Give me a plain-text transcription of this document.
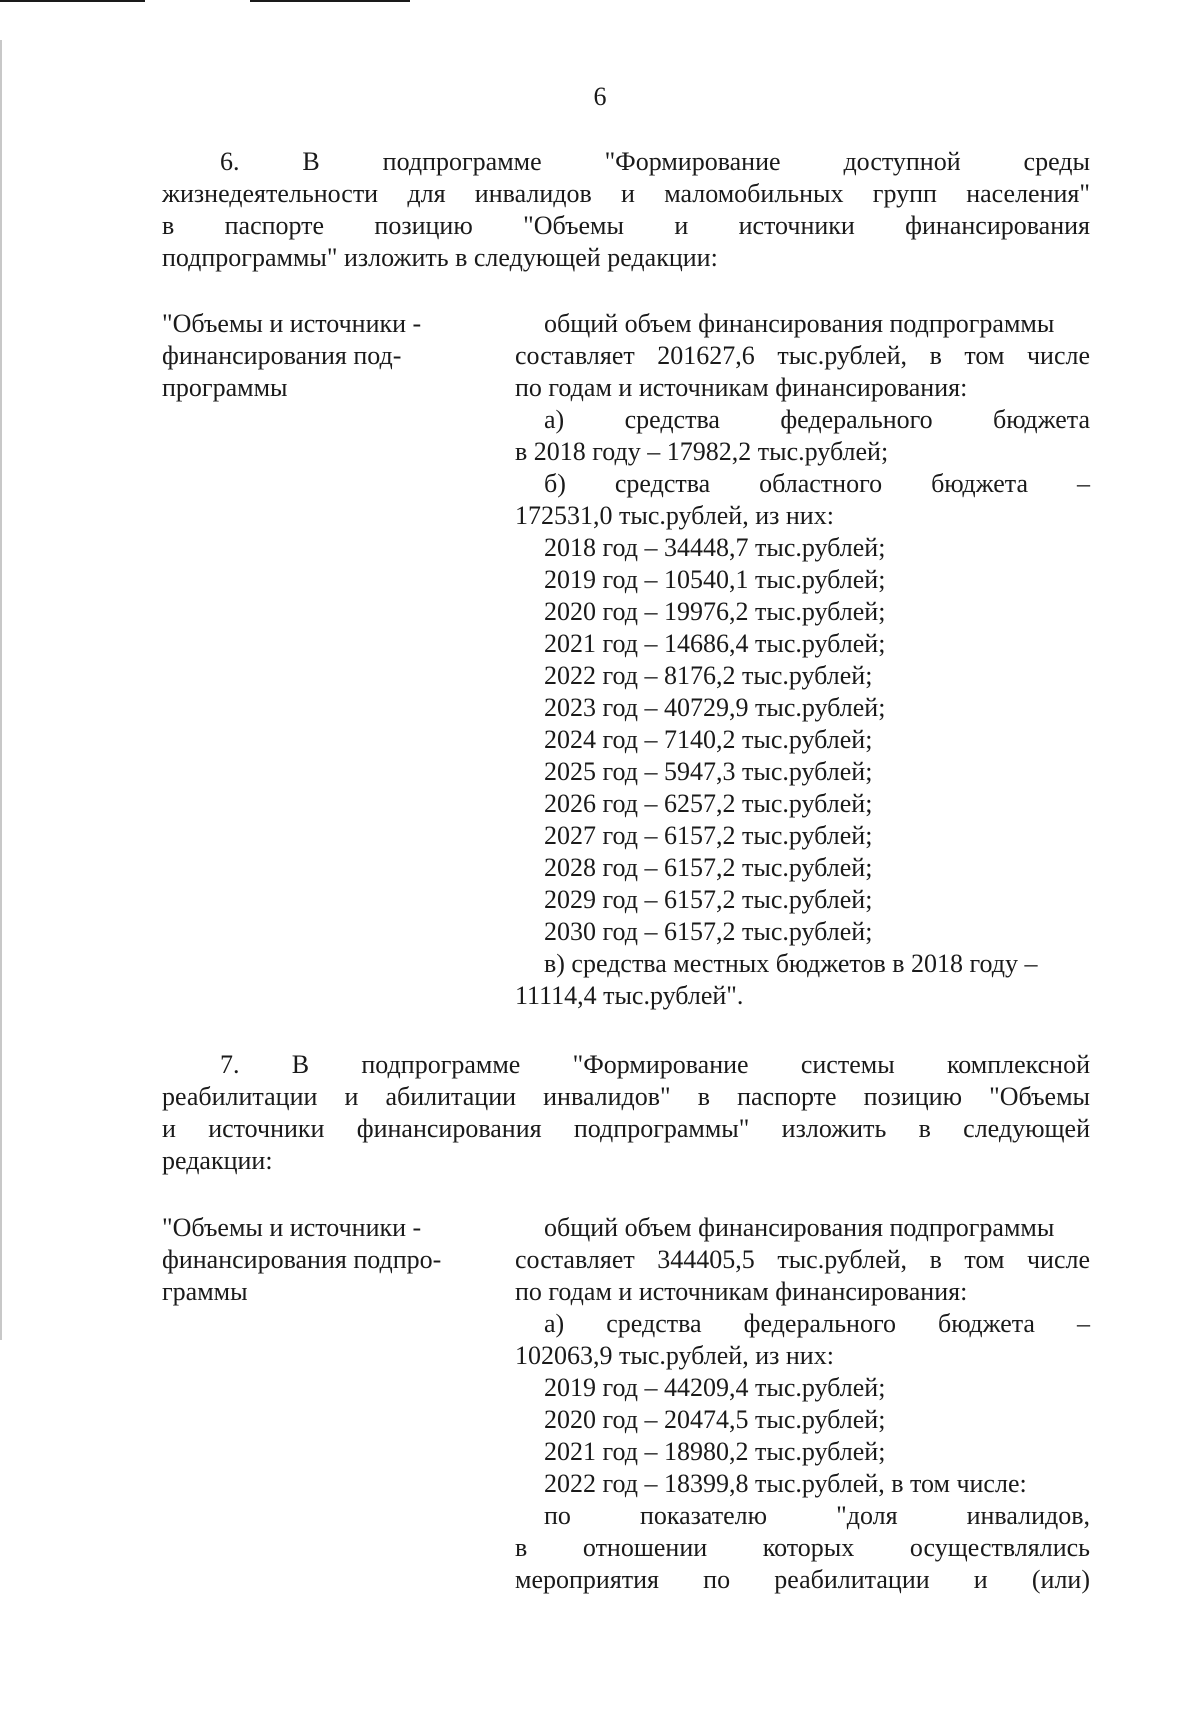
6
6. В подпрограмме "Формирование доступной среды
жизнедеятельности для инвалидов и маломобильных групп населения"
в паспорте позицию "Объемы и источники финансирования
подпрограммы" изложить в следующей редакции:
"Объемы и источники -
финансирования под-
программы
общий объем финансирования подпрограммы
составляет 201627,6 тыс.рублей, в том числе
по годам и источникам финансирования:
а) средства федерального бюджета
в 2018 году – 17982,2 тыс.рублей;
б) средства областного бюджета –
172531,0 тыс.рублей, из них:
2018 год – 34448,7 тыс.рублей;
2019 год – 10540,1 тыс.рублей;
2020 год – 19976,2 тыс.рублей;
2021 год – 14686,4 тыс.рублей;
2022 год – 8176,2 тыс.рублей;
2023 год – 40729,9 тыс.рублей;
2024 год – 7140,2 тыс.рублей;
2025 год – 5947,3 тыс.рублей;
2026 год – 6257,2 тыс.рублей;
2027 год – 6157,2 тыс.рублей;
2028 год – 6157,2 тыс.рублей;
2029 год – 6157,2 тыс.рублей;
2030 год – 6157,2 тыс.рублей;
в) средства местных бюджетов в 2018 году –
11114,4 тыс.рублей".
7. В подпрограмме "Формирование системы комплексной
реабилитации и абилитации инвалидов" в паспорте позицию "Объемы
и источники финансирования подпрограммы" изложить в следующей
редакции:
"Объемы и источники -
финансирования подпро-
граммы
общий объем финансирования подпрограммы
составляет 344405,5 тыс.рублей, в том числе
по годам и источникам финансирования:
а) средства федерального бюджета –
102063,9 тыс.рублей, из них:
2019 год – 44209,4 тыс.рублей;
2020 год – 20474,5 тыс.рублей;
2021 год – 18980,2 тыс.рублей;
2022 год – 18399,8 тыс.рублей, в том числе:
по показателю "доля инвалидов,
в отношении которых осуществлялись
мероприятия по реабилитации и (или)
